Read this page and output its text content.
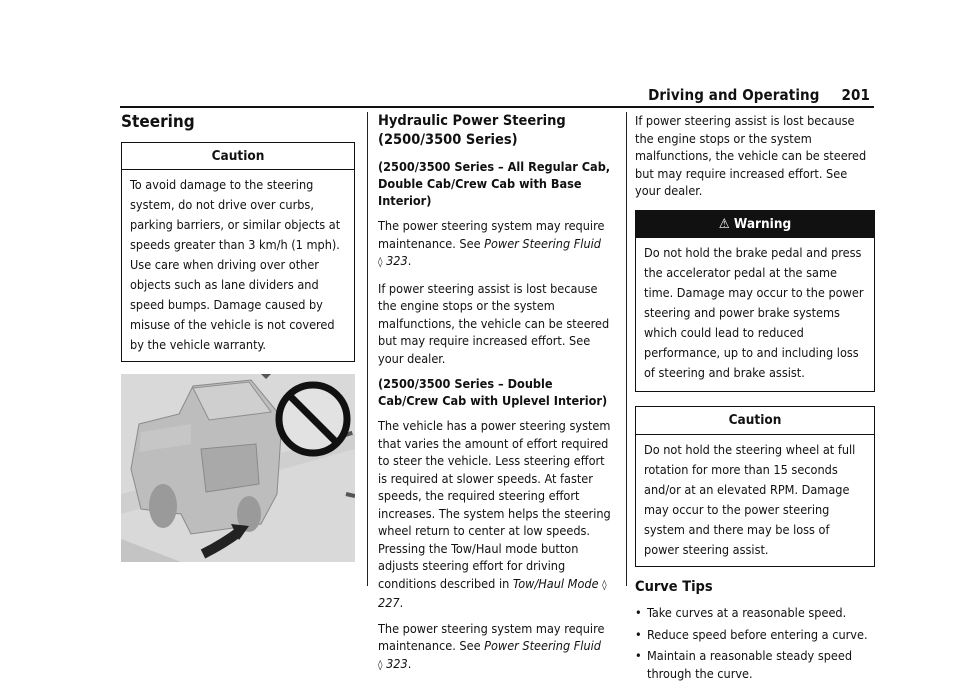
Driving and Operating 201
Steering
Caution
To avoid damage to the steering system, do not drive over curbs, parking barriers, or similar objects at speeds greater than 3 km/h (1 mph). Use care when driving over other objects such as lane dividers and speed bumps. Damage caused by misuse of the vehicle is not covered by the vehicle warranty.
Hydraulic Power Steering (2500/3500 Series)
(2500/3500 Series – All Regular Cab, Double Cab/Crew Cab with Base Interior)

The power steering system may require maintenance. See Power Steering Fluid
◊ 323.

If power steering assist is lost because the engine stops or the system malfunctions, the vehicle can be steered but may require increased effort. See your dealer.

(2500/3500 Series – Double Cab/Crew Cab with Uplevel Interior)

The vehicle has a power steering system that varies the amount of effort required to steer the vehicle. Less steering effort is required at slower speeds. At faster speeds, the required steering effort increases. The system helps the steering wheel return to center at low speeds. Pressing the Tow/Haul mode button adjusts steering effort for driving conditions described in Tow/Haul Mode ◊ 227.

The power steering system may require maintenance. See Power Steering Fluid
◊ 323.

If power steering assist is lost because the engine stops or the system malfunctions, the vehicle can be steered but may require increased effort. See your dealer.

⚠ Warning
Do not hold the brake pedal and press the accelerator pedal at the same time. Damage may occur to the power steering and power brake systems which could lead to reduced performance, up to and including loss of steering and brake assist.
Caution
Do not hold the steering wheel at full rotation for more than 15 seconds and/or at an elevated RPM. Damage may occur to the power steering system and there may be loss of power steering assist.
Curve Tips
• Take curves at a reasonable speed.
• Reduce speed before entering a curve.
• Maintain a reasonable steady speed through the curve.
